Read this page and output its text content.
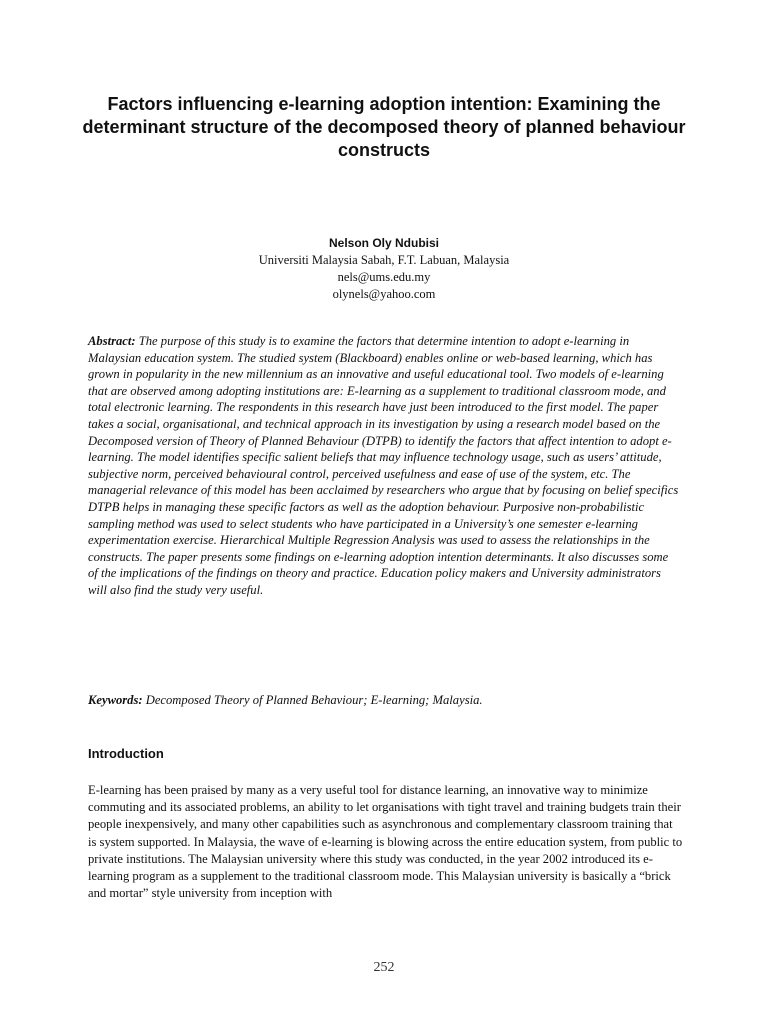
Factors influencing e-learning adoption intention: Examining the determinant structure of the decomposed theory of planned behaviour constructs
Nelson Oly Ndubisi
Universiti Malaysia Sabah, F.T. Labuan, Malaysia
nels@ums.edu.my
olynels@yahoo.com

Abstract: The purpose of this study is to examine the factors that determine intention to adopt e-learning in Malaysian education system. The studied system (Blackboard) enables online or web-based learning, which has grown in popularity in the new millennium as an innovative and useful educational tool. Two models of e-learning that are observed among adopting institutions are: E-learning as a supplement to traditional classroom mode, and total electronic learning. The respondents in this research have just been introduced to the first model. The paper takes a social, organisational, and technical approach in its investigation by using a research model based on the Decomposed version of Theory of Planned Behaviour (DTPB) to identify the factors that affect intention to adopt e-learning. The model identifies specific salient beliefs that may influence technology usage, such as users’ attitude, subjective norm, perceived behavioural control, perceived usefulness and ease of use of the system, etc. The managerial relevance of this model has been acclaimed by researchers who argue that by focusing on belief specifics DTPB helps in managing these specific factors as well as the adoption behaviour. Purposive non-probabilistic sampling method was used to select students who have participated in a University’s one semester e-learning experimentation exercise. Hierarchical Multiple Regression Analysis was used to assess the relationships in the constructs. The paper presents some findings on e-learning adoption intention determinants. It also discusses some of the implications of the findings on theory and practice. Education policy makers and University administrators will also find the study very useful.

Keywords: Decomposed Theory of Planned Behaviour; E-learning; Malaysia.

Introduction

E-learning has been praised by many as a very useful tool for distance learning, an innovative way to minimize commuting and its associated problems, an ability to let organisations with tight travel and training budgets train their people inexpensively, and many other capabilities such as asynchronous and complementary classroom training that is system supported. In Malaysia, the wave of e-learning is blowing across the entire education system, from public to private institutions. The Malaysian university where this study was conducted, in the year 2002 introduced its e-learning program as a supplement to the traditional classroom mode. This Malaysian university is basically a “brick and mortar” style university from inception with

252
